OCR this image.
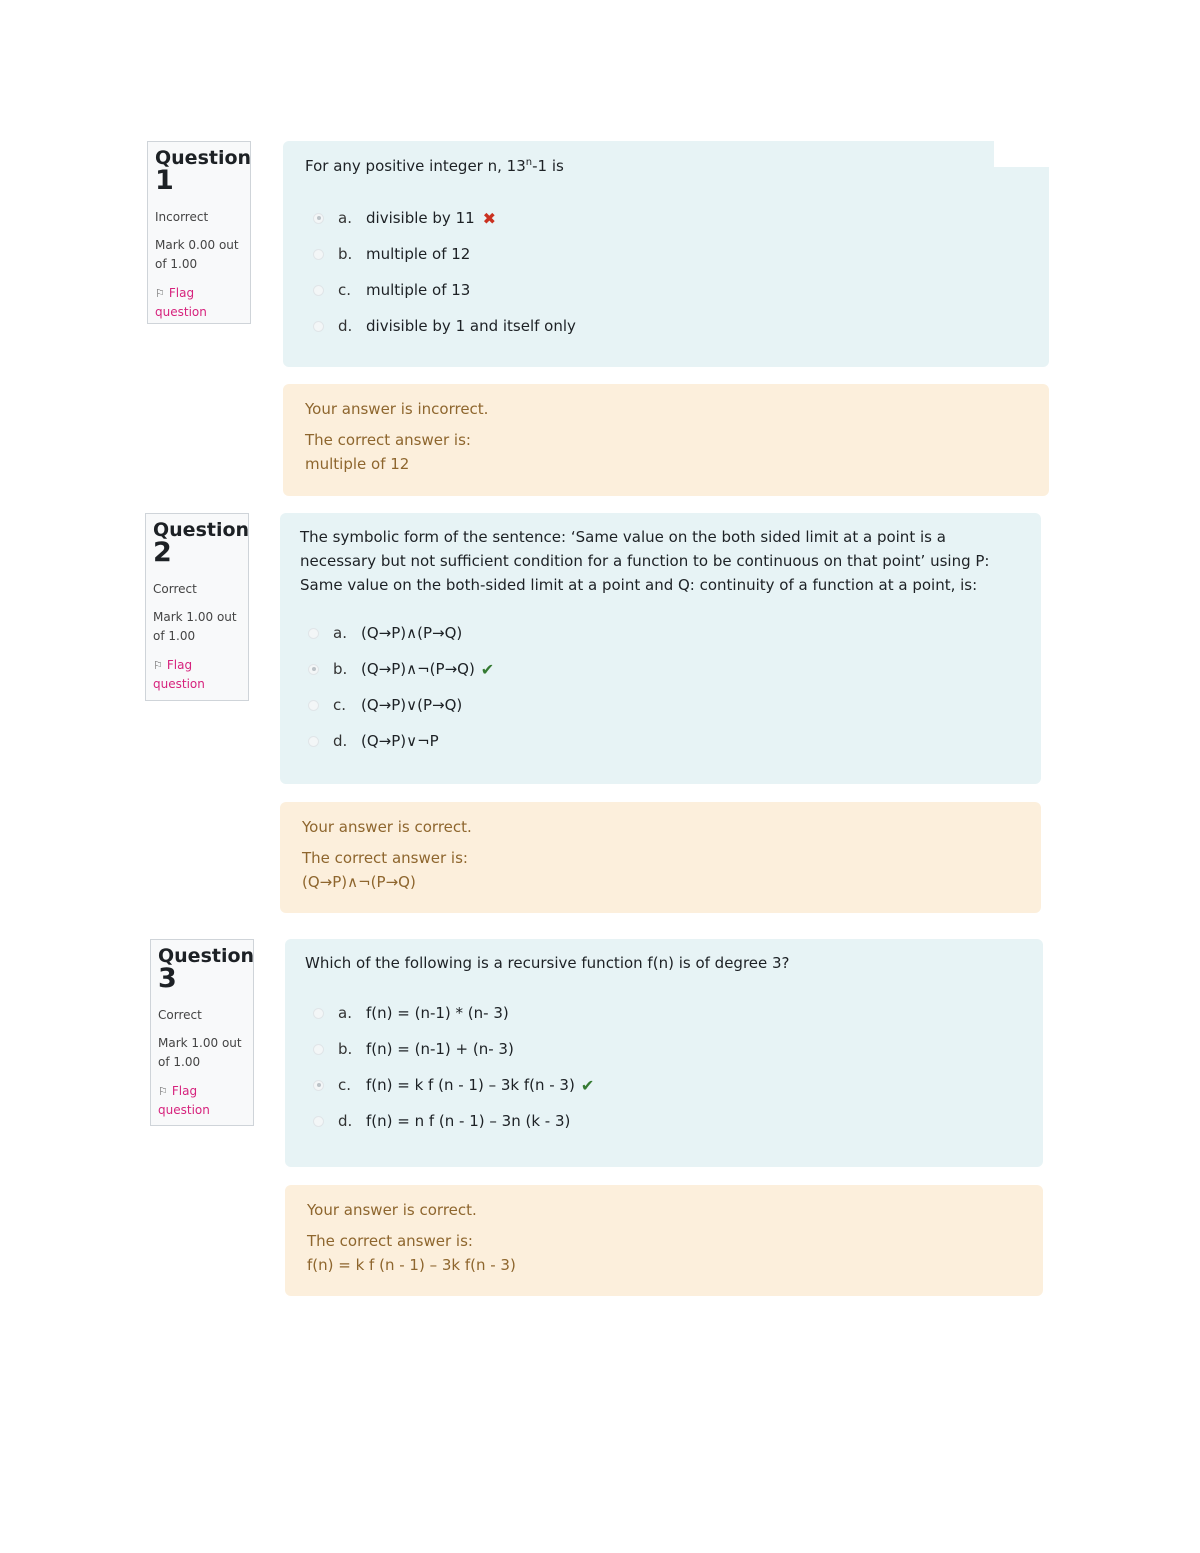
Question
1
Incorrect
Mark 0.00 out of 1.00
⚐ Flag question
For any positive integer n, 13$^n$-1 is
a. divisible by 11 ✖
b. multiple of 12
c. multiple of 13
d. divisible by 1 and itself only
Your answer is incorrect.
The correct answer is:
multiple of 12
Question
2
Correct
Mark 1.00 out of 1.00
⚐ Flag question
The symbolic form of the sentence: ‘Same value on the both sided limit at a point is a necessary but not sufficient condition for a function to be continuous on that point’ using P: Same value on the both-sided limit at a point and Q: continuity of a function at a point, is:
a. (Q→P)∧(P→Q)
b. (Q→P)∧¬(P→Q) ✔
c. (Q→P)∨(P→Q)
d. (Q→P)∨¬P
Your answer is correct.
The correct answer is:
(Q→P)∧¬(P→Q)
Question
3
Correct
Mark 1.00 out of 1.00
⚐ Flag question
Which of the following is a recursive function f(n) is of degree 3?
a. f(n) = (n-1) * (n- 3)
b. f(n) = (n-1) + (n- 3)
c. f(n) = k f (n - 1) – 3k f(n - 3) ✔
d. f(n) = n f (n - 1) – 3n (k - 3)
Your answer is correct.
The correct answer is:
f(n) = k f (n - 1) – 3k f(n - 3)
